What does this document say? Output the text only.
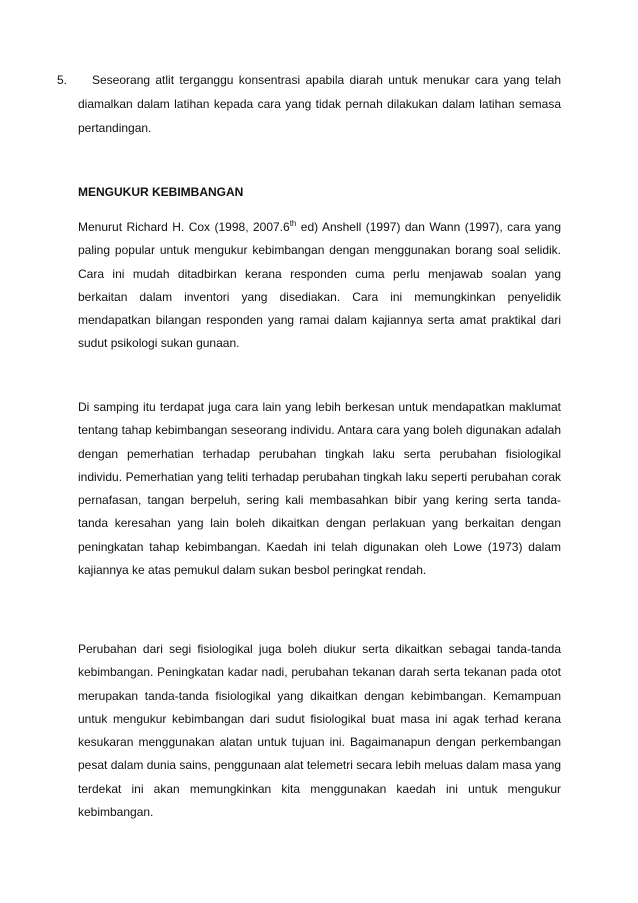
5.	Seseorang atlit terganggu konsentrasi apabila diarah untuk menukar cara yang telah diamalkan dalam latihan kepada cara yang tidak pernah dilakukan dalam latihan semasa pertandingan.
MENGUKUR KEBIMBANGAN

Menurut Richard H. Cox (1998, 2007.6th ed) Anshell (1997) dan Wann (1997), cara yang paling popular untuk mengukur kebimbangan dengan menggunakan borang soal selidik. Cara ini mudah ditadbirkan kerana responden cuma perlu menjawab soalan yang berkaitan dalam inventori yang disediakan. Cara ini memungkinkan penyelidik mendapatkan bilangan responden yang ramai dalam kajiannya serta amat praktikal dari sudut psikologi sukan gunaan.

Di samping itu terdapat juga cara lain yang lebih berkesan untuk mendapatkan maklumat tentang tahap kebimbangan seseorang individu. Antara cara yang boleh digunakan adalah dengan pemerhatian terhadap perubahan tingkah laku serta perubahan fisiologikal individu. Pemerhatian yang teliti terhadap perubahan tingkah laku seperti perubahan corak pernafasan, tangan berpeluh, sering kali membasahkan bibir yang kering serta tanda-tanda keresahan yang lain boleh dikaitkan dengan perlakuan yang berkaitan dengan peningkatan tahap kebimbangan. Kaedah ini telah digunakan oleh Lowe (1973) dalam kajiannya ke atas pemukul dalam sukan besbol peringkat rendah.

Perubahan dari segi fisiologikal juga boleh diukur serta dikaitkan sebagai tanda-tanda kebimbangan. Peningkatan kadar nadi, perubahan tekanan darah serta tekanan pada otot merupakan tanda-tanda fisiologikal yang dikaitkan dengan kebimbangan. Kemampuan untuk mengukur kebimbangan dari sudut fisiologikal buat masa ini agak terhad kerana kesukaran menggunakan alatan untuk tujuan ini. Bagaimanapun dengan perkembangan pesat dalam dunia sains, penggunaan alat telemetri secara lebih meluas dalam masa yang terdekat ini akan memungkinkan kita menggunakan kaedah ini untuk mengukur kebimbangan.
